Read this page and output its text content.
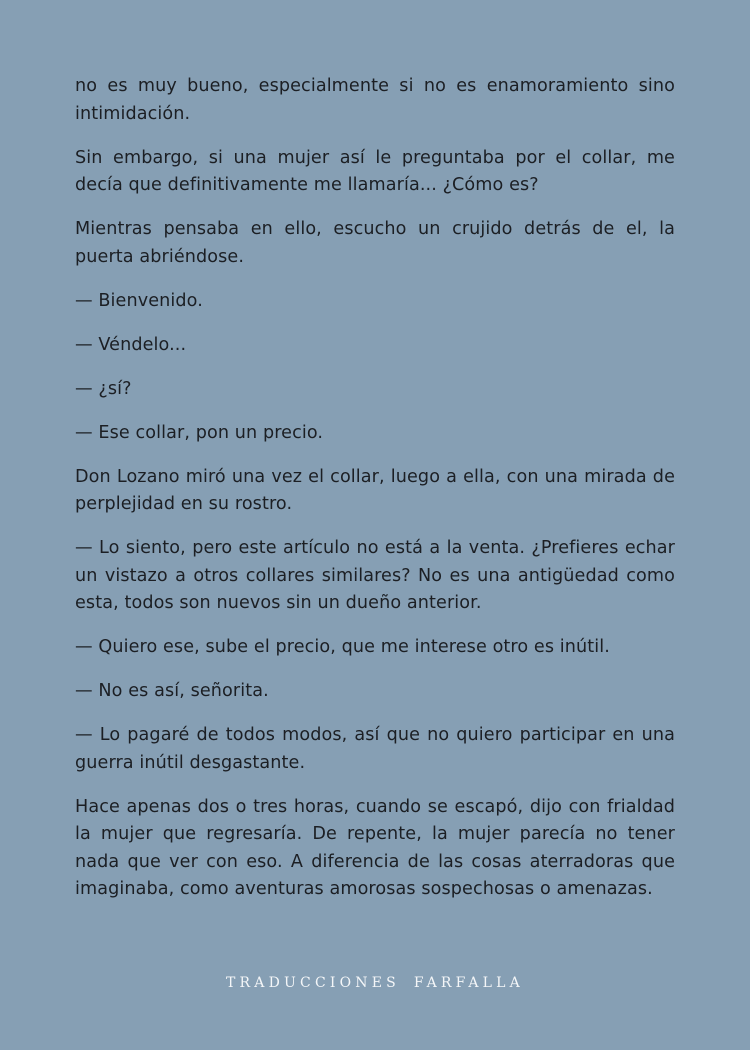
no es muy bueno, especialmente si no es enamoramiento sino intimidación.

Sin embargo, si una mujer así le preguntaba por el collar, me decía que definitivamente me llamaría... ¿Cómo es?

Mientras pensaba en ello, escucho un crujido detrás de el, la puerta abriéndose.

— Bienvenido.

— Véndelo...

— ¿sí?

— Ese collar, pon un precio.

Don Lozano miró una vez el collar, luego a ella, con una mirada de perplejidad en su rostro.

— Lo siento, pero este artículo no está a la venta. ¿Prefieres echar un vistazo a otros collares similares? No es una antigüedad como esta, todos son nuevos sin un dueño anterior.

— Quiero ese, sube el precio, que me interese otro es inútil.

— No es así, señorita.

— Lo pagaré de todos modos, así que no quiero participar en una guerra inútil desgastante.

Hace apenas dos o tres horas, cuando se escapó, dijo con frialdad la mujer que regresaría. De repente, la mujer parecía no tener nada que ver con eso. A diferencia de las cosas aterradoras que imaginaba, como aventuras amorosas sospechosas o amenazas.

TRADUCCIONES FARFALLA
